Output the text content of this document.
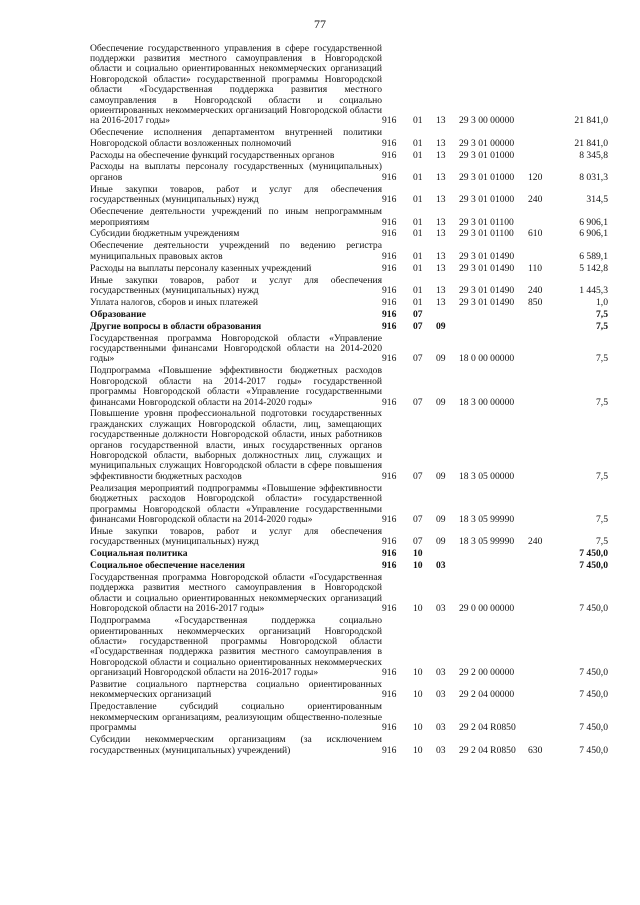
77
Обеспечение государственного управления в сфере государственной поддержки развития местного самоуправления в Новгородской области и социально ориентированных некоммерческих организаций Новгородской области» государственной программы Новгородской области «Государственная поддержка развития местного самоуправления в Новгородской области и социально ориентированных некоммерческих организаций Новгородской области на 2016-2017 годы»	916	01	13	29 3 00 00000		21 841,0
Обеспечение исполнения департаментом внутренней политики Новгородской области возложенных полномочий	916	01	13	29 3 01 00000		21 841,0
Расходы на обеспечение функций государственных органов	916	01	13	29 3 01 01000		8 345,8
Расходы на выплаты персоналу государственных (муниципальных) органов	916	01	13	29 3 01 01000	120	8 031,3
Иные закупки товаров, работ и услуг для обеспечения государственных (муниципальных) нужд	916	01	13	29 3 01 01000	240	314,5
Обеспечение деятельности учреждений по иным непрограммным мероприятиям	916	01	13	29 3 01 01100		6 906,1
Субсидии бюджетным учреждениям	916	01	13	29 3 01 01100	610	6 906,1
Обеспечение деятельности учреждений по ведению регистра муниципальных правовых актов	916	01	13	29 3 01 01490		6 589,1
Расходы на выплаты персоналу казенных учреждений	916	01	13	29 3 01 01490	110	5 142,8
Иные закупки товаров, работ и услуг для обеспечения государственных (муниципальных) нужд	916	01	13	29 3 01 01490	240	1 445,3
Уплата налогов, сборов и иных платежей	916	01	13	29 3 01 01490	850	1,0
Образование	916	07				7,5
Другие вопросы в области образования	916	07	09			7,5
Государственная программа Новгородской области «Управление государственными финансами Новгородской области на 2014-2020 годы»	916	07	09	18 0 00 00000		7,5
Подпрограмма «Повышение эффективности бюджетных расходов Новгородской области на 2014-2017 годы» государственной программы Новгородской области «Управление государственными финансами Новгородской области на 2014-2020 годы»	916	07	09	18 3 00 00000		7,5
Повышение уровня профессиональной подготовки государственных гражданских служащих Новгородской области, лиц, замещающих государственные должности Новгородской области, иных работников органов государственной власти, иных государственных органов Новгородской области, выборных должностных лиц, служащих и муниципальных служащих Новгородской области в сфере повышения эффективности бюджетных расходов	916	07	09	18 3 05 00000		7,5
Реализация мероприятий подпрограммы «Повышение эффективности бюджетных расходов Новгородской области» государственной программы Новгородской области «Управление государственными финансами Новгородской области на 2014-2020 годы»	916	07	09	18 3 05 99990		7,5
Иные закупки товаров, работ и услуг для обеспечения государственных (муниципальных) нужд	916	07	09	18 3 05 99990	240	7,5
Социальная политика	916	10				7 450,0
Социальное обеспечение населения	916	10	03			7 450,0
Государственная программа Новгородской области «Государственная поддержка развития местного самоуправления в Новгородской области и социально ориентированных некоммерческих организаций Новгородской области на 2016-2017 годы»	916	10	03	29 0 00 00000		7 450,0
Подпрограмма «Государственная поддержка социально ориентированных некоммерческих организаций Новгородской области» государственной программы Новгородской области «Государственная поддержка развития местного самоуправления в Новгородской области и социально ориентированных некоммерческих организаций Новгородской области на 2016-2017 годы»	916	10	03	29 2 00 00000		7 450,0
Развитие социального партнерства социально ориентированных некоммерческих организаций	916	10	03	29 2 04 00000		7 450,0
Предоставление субсидий социально ориентированным некоммерческим организациям, реализующим общественно-полезные программы	916	10	03	29 2 04 R0850		7 450,0
Субсидии некоммерческим организациям (за исключением государственных (муниципальных) учреждений)	916	10	03	29 2 04 R0850	630	7 450,0
